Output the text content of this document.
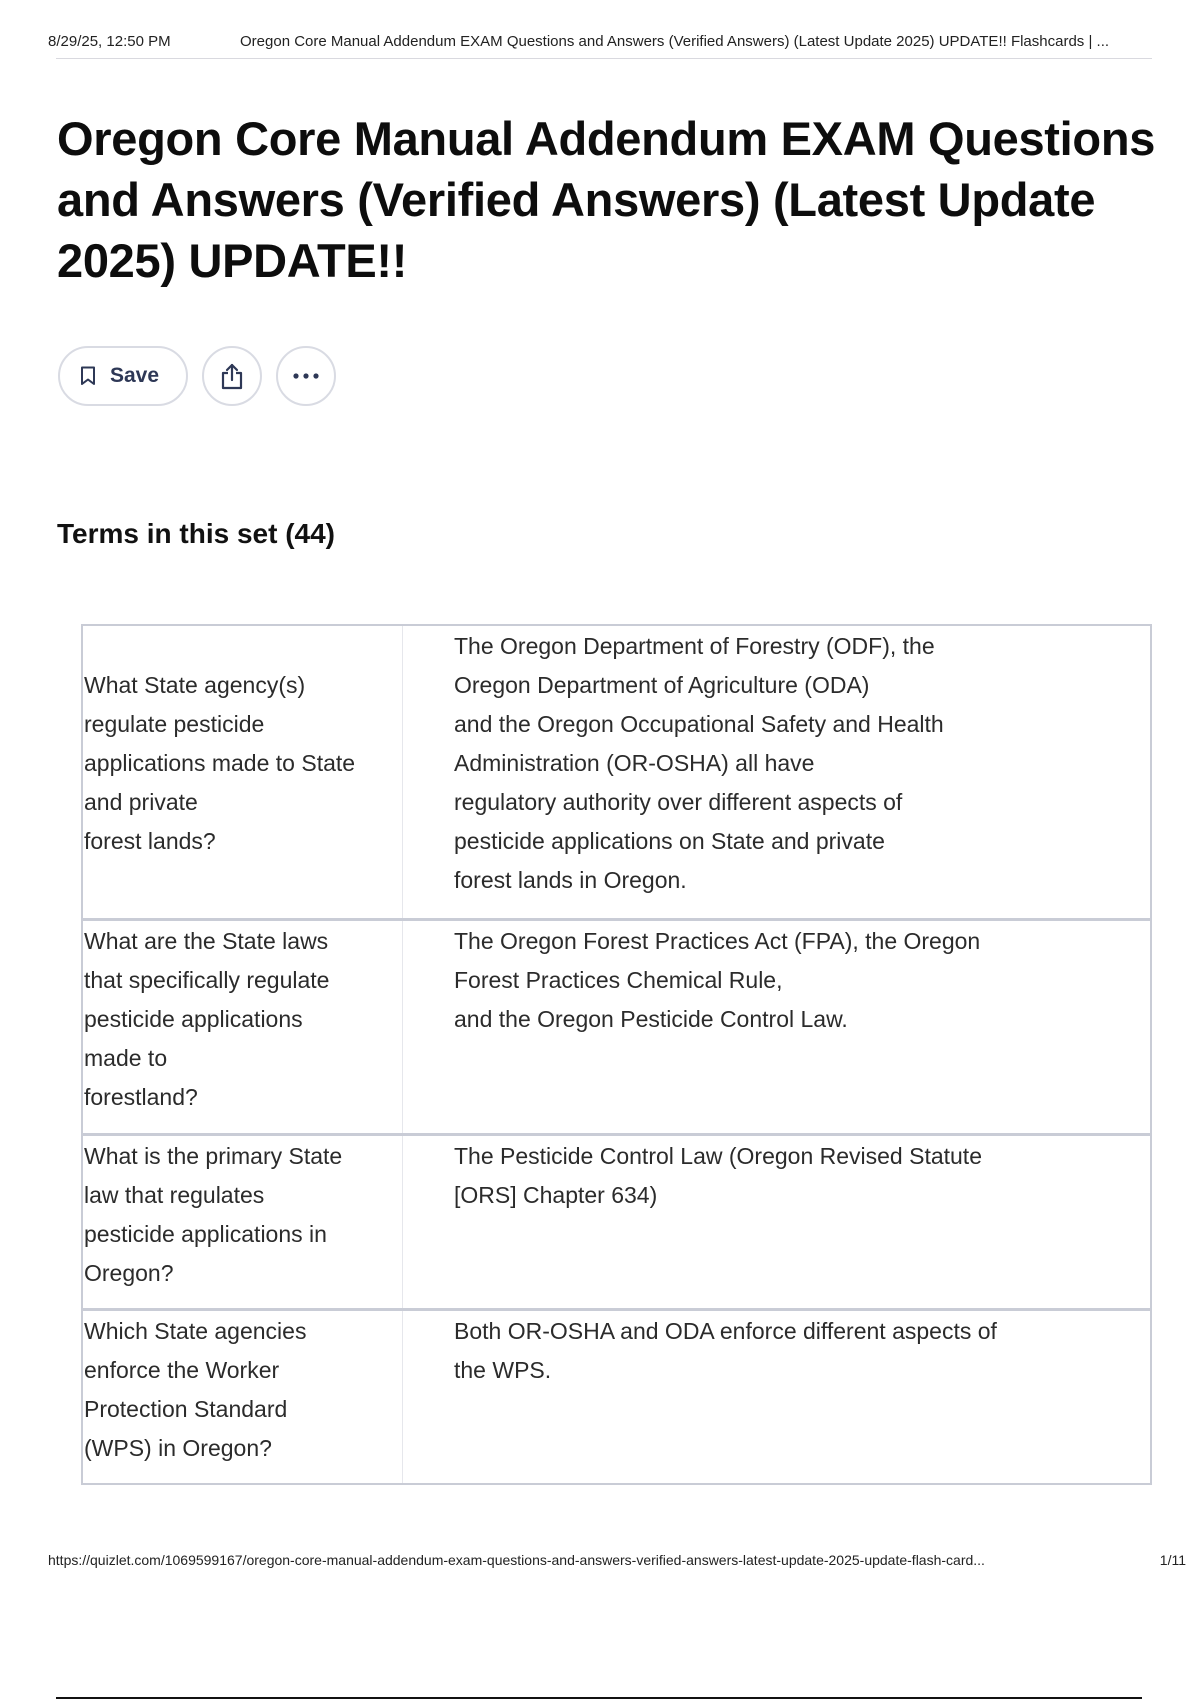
8/29/25, 12:50 PM	Oregon Core Manual Addendum EXAM Questions and Answers (Verified Answers) (Latest Update 2025) UPDATE!! Flashcards | ...
Oregon Core Manual Addendum EXAM Questions and Answers (Verified Answers) (Latest Update 2025) UPDATE!!
Save
Terms in this set (44)
What State agency(s)
regulate pesticide
applications made to State
and private
forest lands?
The Oregon Department of Forestry (ODF), the
Oregon Department of Agriculture (ODA)
and the Oregon Occupational Safety and Health
Administration (OR-OSHA) all have
regulatory authority over different aspects of
pesticide applications on State and private
forest lands in Oregon.
What are the State laws
that specifically regulate
pesticide applications
made to
forestland?
The Oregon Forest Practices Act (FPA), the Oregon
Forest Practices Chemical Rule,
and the Oregon Pesticide Control Law.
What is the primary State
law that regulates
pesticide applications in
Oregon?
The Pesticide Control Law (Oregon Revised Statute
[ORS] Chapter 634)
Which State agencies
enforce the Worker
Protection Standard
(WPS) in Oregon?
Both OR-OSHA and ODA enforce different aspects of
the WPS.
https://quizlet.com/1069599167/oregon-core-manual-addendum-exam-questions-and-answers-verified-answers-latest-update-2025-update-flash-card...	1/11
